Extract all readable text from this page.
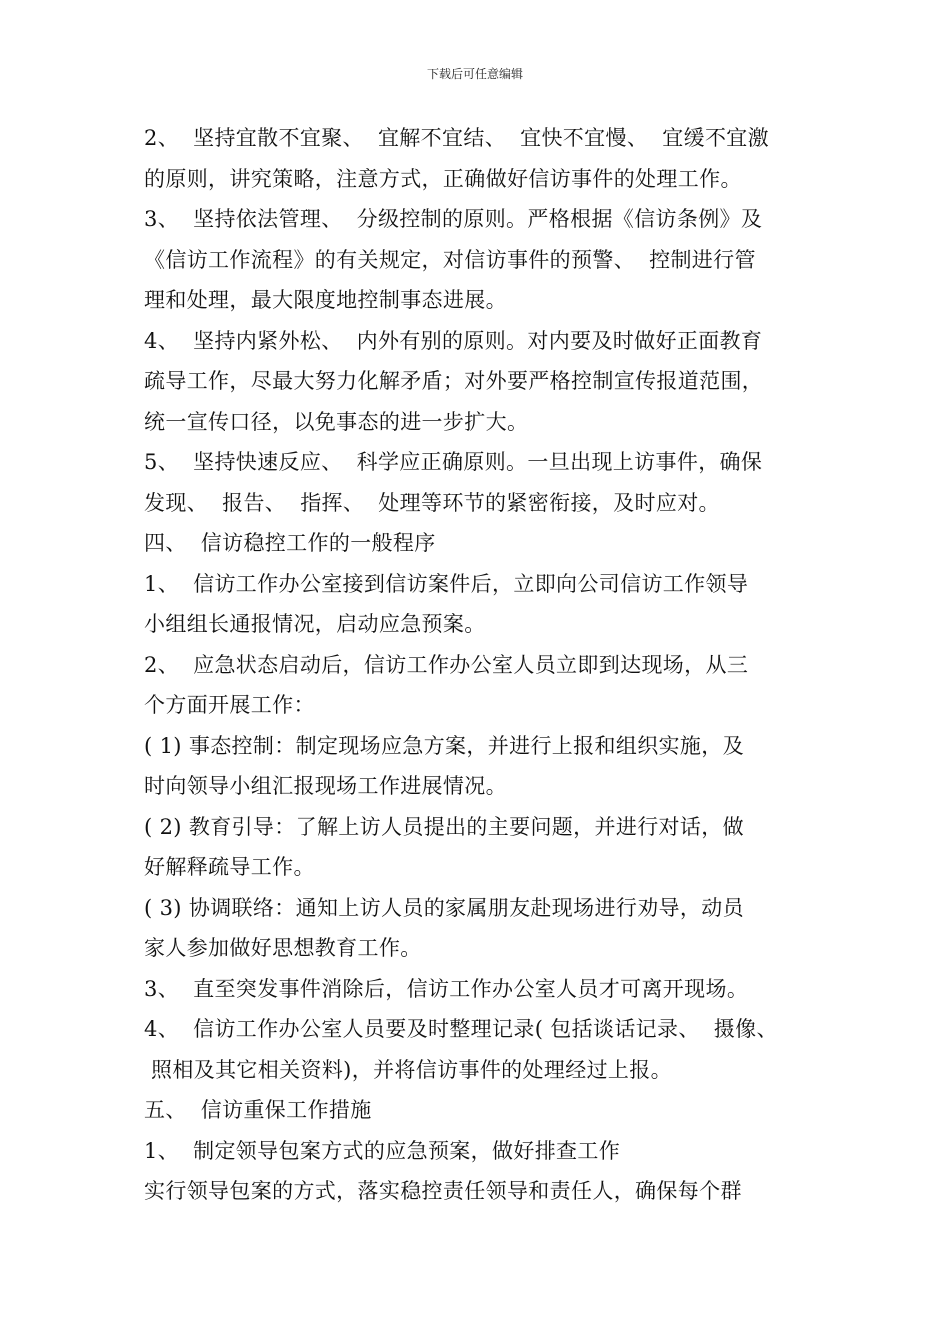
下载后可任意编辑
2、  坚持宜散不宜聚、  宜解不宜结、  宜快不宜慢、  宜缓不宜激
的原则，讲究策略，注意方式，正确做好信访事件的处理工作。
3、  坚持依法管理、  分级控制的原则。严格根据《信访条例》及
《信访工作流程》的有关规定，对信访事件的预警、  控制进行管
理和处理，最大限度地控制事态进展。
4、  坚持内紧外松、  内外有别的原则。对内要及时做好正面教育
疏导工作，尽最大努力化解矛盾；对外要严格控制宣传报道范围，
统一宣传口径，以免事态的进一步扩大。
5、  坚持快速反应、  科学应正确原则。一旦出现上访事件，确保
发现、  报告、  指挥、  处理等环节的紧密衔接，及时应对。
四、  信访稳控工作的一般程序
1、  信访工作办公室接到信访案件后，立即向公司信访工作领导
小组组长通报情况，启动应急预案。
2、  应急状态启动后，信访工作办公室人员立即到达现场，从三
个方面开展工作：
( 1) 事态控制：制定现场应急方案，并进行上报和组织实施，及
时向领导小组汇报现场工作进展情况。
( 2) 教育引导：了解上访人员提出的主要问题，并进行对话，做
好解释疏导工作。
( 3) 协调联络：通知上访人员的家属朋友赴现场进行劝导，动员
家人参加做好思想教育工作。
3、  直至突发事件消除后，信访工作办公室人员才可离开现场。
4、  信访工作办公室人员要及时整理记录( 包括谈话记录、  摄像、
照相及其它相关资料)，并将信访事件的处理经过上报。
五、  信访重保工作措施
1、  制定领导包案方式的应急预案，做好排查工作
实行领导包案的方式，落实稳控责任领导和责任人，确保每个群
